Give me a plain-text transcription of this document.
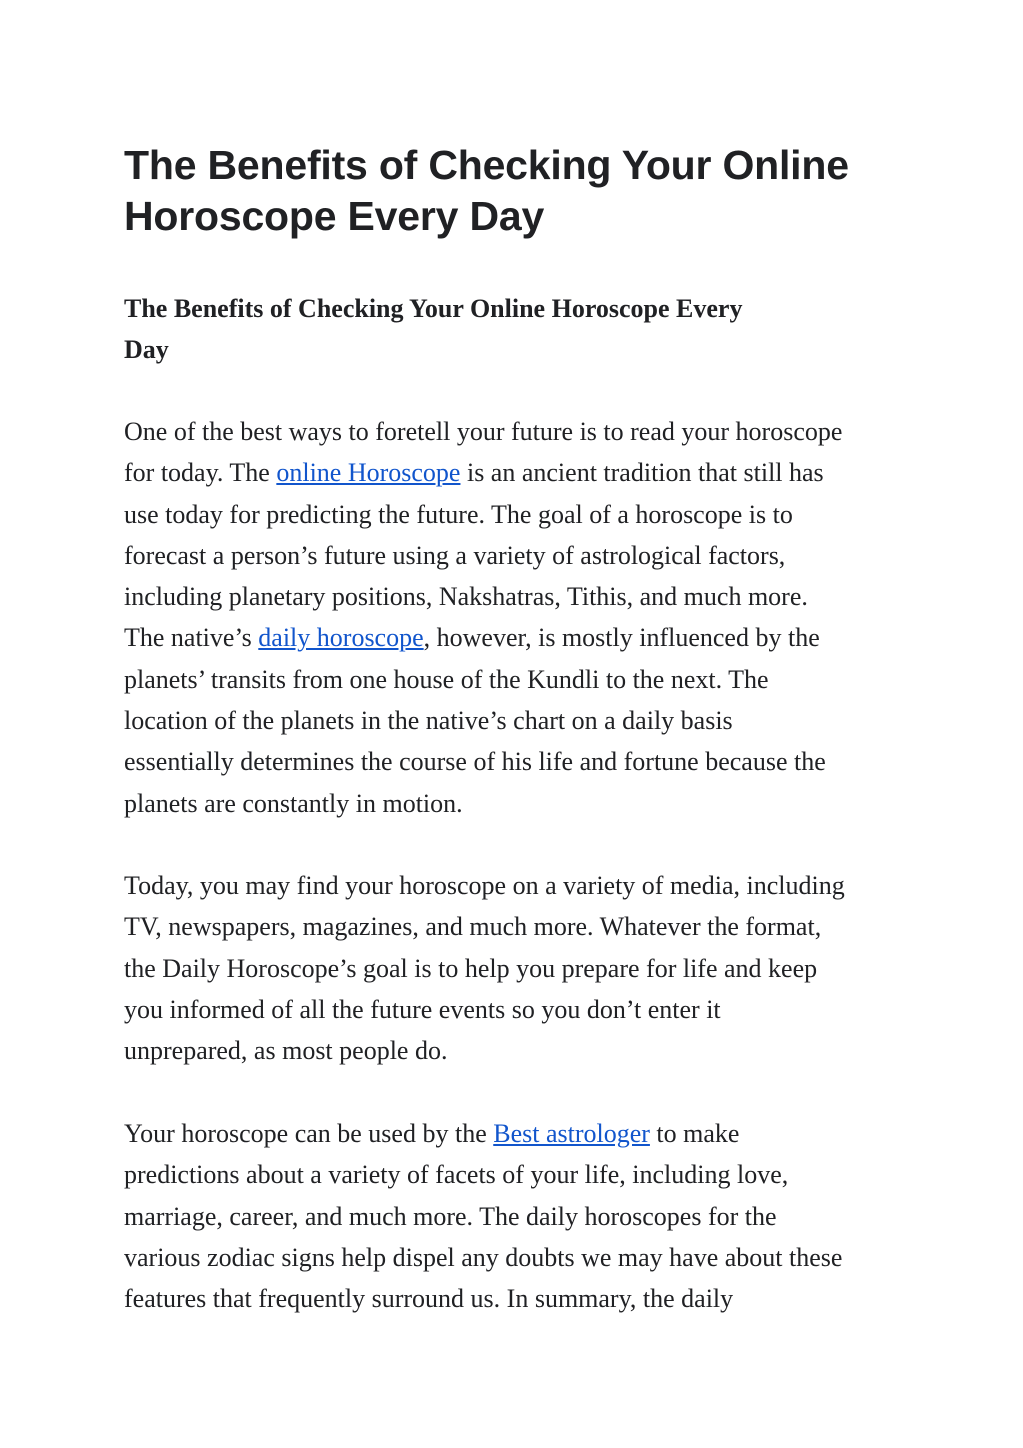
The Benefits of Checking Your Online
Horoscope Every Day
The Benefits of Checking Your Online Horoscope Every
Day

One of the best ways to foretell your future is to read your horoscope
for today. The online Horoscope is an ancient tradition that still has
use today for predicting the future. The goal of a horoscope is to
forecast a person’s future using a variety of astrological factors,
including planetary positions, Nakshatras, Tithis, and much more.
The native’s daily horoscope, however, is mostly influenced by the
planets’ transits from one house of the Kundli to the next. The
location of the planets in the native’s chart on a daily basis
essentially determines the course of his life and fortune because the
planets are constantly in motion.

Today, you may find your horoscope on a variety of media, including
TV, newspapers, magazines, and much more. Whatever the format,
the Daily Horoscope’s goal is to help you prepare for life and keep
you informed of all the future events so you don’t enter it
unprepared, as most people do.

Your horoscope can be used by the Best astrologer to make
predictions about a variety of facets of your life, including love,
marriage, career, and much more. The daily horoscopes for the
various zodiac signs help dispel any doubts we may have about these
features that frequently surround us. In summary, the daily
